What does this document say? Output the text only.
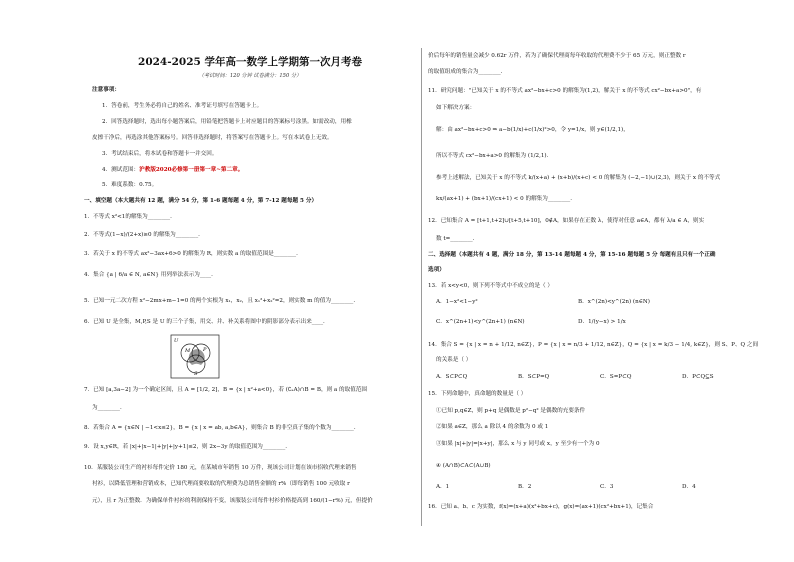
2024-2025 学年高一数学上学期第一次月考卷
（考试时间：120 分钟 试卷满分：150 分）
注意事项：
1．答卷前，考生务必将自己的姓名、准考证号填写在答题卡上。
2．回答选择题时，选出每小题答案后，用铅笔把答题卡上对应题目的答案标号涂黑。如需改动，用橡
皮擦干净后，再选涂其他答案标号。回答非选择题时，将答案写在答题卡上。写在本试卷上无效。
3．考试结束后，将本试卷和答题卡一并交回。
4．测试范围：沪教版2020必修第一册第一章~第二章。
5．难度系数：0.75。
一、填空题（本大题共有 12 题，满分 54 分，第 1-6 题每题 4 分，第 7-12 题每题 5 分）
1．不等式 x²<1的解集为________.
2．不等式(1−x)/(2+x)≥0 的解集为________.
3．若关于 x 的不等式 ax²−3ax+6>0 的解集为 R，则实数 a 的取值范围是________.
4．集合 {a | 6/a ∈ N, a∈N} 用列举法表示为____.
5．已知一元二次方程 x²−2mx+m−1=0 的两个实根为 x₁，x₂，且 x₁²+x₂²=2，则实数 m 的值为________.
6．已知 U 是全集，M,P,S 是 U 的三个子集，用交、并、补关系将图中的阴影部分表示出来____.
U
M	P
S
7．已知 [a,3a−2] 为一个确定区间，且 A = [1/2, 2]，B = {x | x²+a<0}，若 (∁ₐA)∩B = B，则 a 的取值范围
为________.
8．若集合 A = {x∈N | −1<x≤2}，B = {x | x = ab, a,b∈A}，则集合 B 的非空真子集的个数为________.
9．设 x,y∈R，若 |x|+|x−1|+|y|+|y+1|≤2，则 2x−3y 的取值范围为________.
10．某服装公司生产的衬衫每件定价 180 元，在某城市年销售 10 万件，现该公司计划在该市招收代理来销售
衬衫，以降低管理和营销成本，已知代理商要收取的代理费为总销售金额的 r%（即每销售 100 元收取 r
元），且 r 为正整数．为确保单件衬衫的利润保持不变，该服装公司每件衬衫价格提高到 160/(1−r%) 元，但提价
价后每年的销售量会减少 0.62r 万件，若为了确保代理商每年收取的代理费不少于 65 万元，则正整数 r
的取值组成的集合为________.
11．研究问题："已知关于 x 的不等式 ax²−bx+c>0 的解集为(1,2)，解关于 x 的不等式 cx²−bx+a>0"，有
如下解决方案：
解：由 ax²−bx+c>0 ⇒ a−b(1/x)+c(1/x)²>0，令 y=1/x，则 y∈(1/2,1)，
所以不等式 cx²−bx+a>0 的解集为 (1/2,1)．
参考上述解法，已知关于 x 的不等式 k/(x+a) + (x+b)/(x+c) < 0 的解集为 (−2,−1)∪(2,3)，则关于 x 的不等式
kx/(ax+1) + (bx+1)/(cx+1) < 0 的解集为________.
12．已知集合 A = [t+1,t+2]∪[t+5,t+10]，0∉A，如果存在正数 λ，使得对任意 a∈A，都有 λ/a ∈ A，则实
数 t=________.
二、选择题（本题共有 4 题，满分 18 分，第 13-14 题每题 4 分，第 15-16 题每题 5 分 每题有且只有一个正确
选项）
13．若 x<y<0，则下列不等式中不成立的是（ ）
A．1−x²<1−y²	B．x^(2n)<y^(2n) (n∈N)
C．x^(2n+1)<y^(2n+1) (n∈N)	D．1/(y−x) > 1/x
14．集合 S = {x | x = n + 1/12, n∈Z}，P = {x | x = n/3 + 1/12, n∈Z}，Q = {x | x = k/3 − 1/4, k∈Z}，则 S、P、Q 之间
的关系是（ ）
A．S⊂P⊂Q	B．S⊂P=Q	C．S=P⊂Q	D．P⊂Q⊆S
15．下列命题中，真命题的数量是（ ）
①已知 p,q∈Z，则 p+q 是偶数是 p²−q² 是偶数的充要条件
②如果 a∈Z，那么 a 除以 4 的余数为 0 或 1
③如果 |x|+|y|=|x+y|，那么 x 与 y 同号或 x，y 至少有一个为 0
④ (A∩B)⊂A⊂(A∪B)
A．1	B．2	C．3	D．4
16．已知 a、b、c 为实数，f(x)=(x+a)(x²+bx+c)，g(x)=(ax+1)(cx²+bx+1)，记集合
